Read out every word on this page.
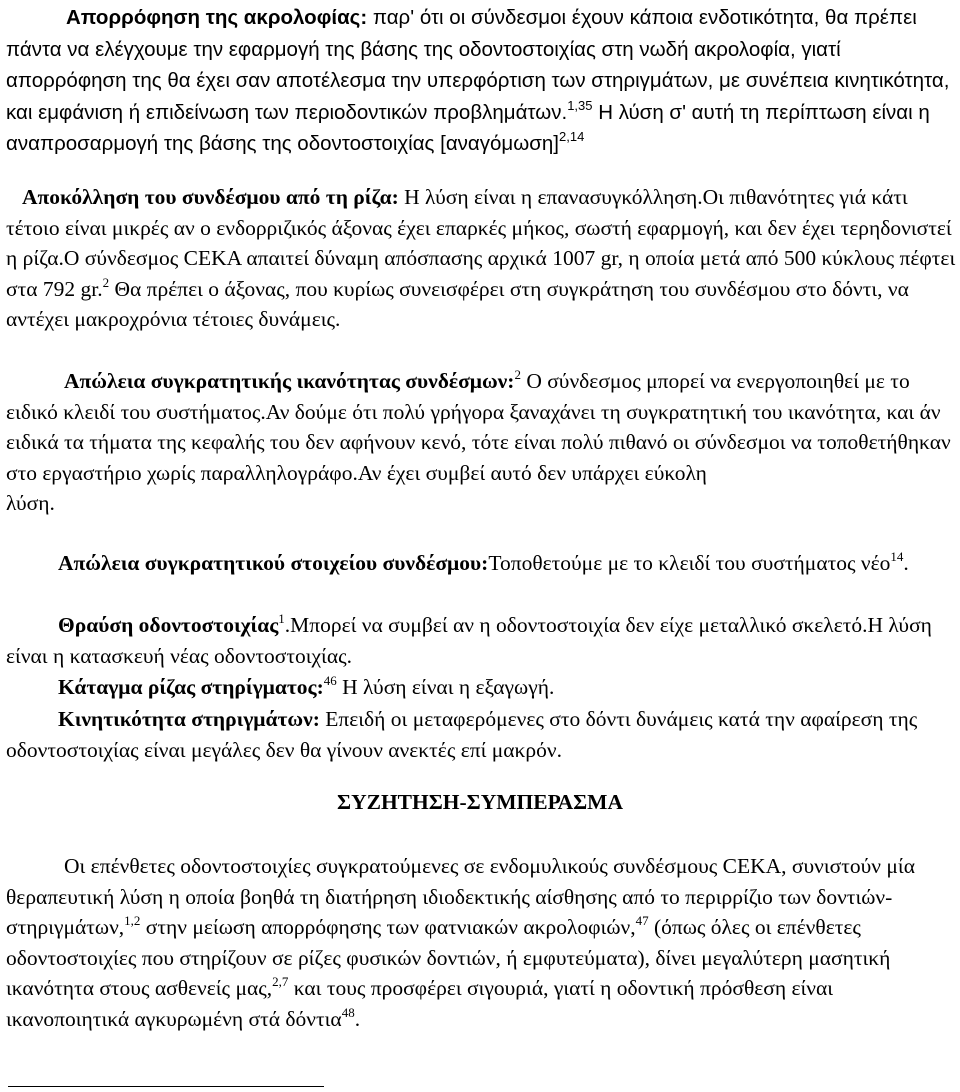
Απορρόφηση της ακρολοφίας: παρ' ότι οι σύνδεσμοι έχουν κάποια ενδοτικότητα, θα πρέπει πάντα να ελέγχουμε την εφαρμογή της βάσης της οδοντοστοιχίας στη νωδή ακρολοφία, γιατί απορρόφηση της θα έχει σαν αποτέλεσμα την υπερφόρτιση των στηριγμάτων, με συνέπεια κινητικότητα, και εμφάνιση ή επιδείνωση των περιοδοντικών προβλημάτων.$^{1,35}$ Η λύση σ' αυτή τη περίπτωση είναι η αναπροσαρμογή της βάσης της οδοντοστοιχίας $[\alpha\nu\alpha\gamma ό\mu\omega\sigma\eta]^{2,14}$

Αποκόλληση του συνδέσμου από τη ρίζα: Η λύση είναι η επανασυγκόλληση.Οι πιθανότητες γιά κάτι τέτοιο είναι μικρές αν ο ενδορριζικός άξονας έχει επαρκές μήκος, σωστή εφαρμογή, και δεν έχει τερηδονιστεί η ρίζα.Ο σύνδεσμος CEKA απαιτεί δύναμη απόσπασης αρχικά 1007 gr, η οποία μετά από 500 κύκλους πέφτει στα 792 gr.$^2$ Θα πρέπει ο άξονας, που κυρίως συνεισφέρει στη συγκράτηση του συνδέσμου στο δόντι, να αντέχει μακροχρόνια τέτοιες δυνάμεις.

Απώλεια συγκρατητικής ικανότητας συνδέσμων:$^2$ Ο σύνδεσμος μπορεί να ενεργοποιηθεί με το ειδικό κλειδί του συστήματος.Αν δούμε ότι πολύ γρήγορα ξαναχάνει τη συγκρατητική του ικανότητα, και άν ειδικά τα τήματα της κεφαλής του δεν αφήνουν κενό, τότε είναι πολύ πιθανό οι σύνδεσμοι να τοποθετήθηκαν στο εργαστήριο χωρίς παραλληλογράφο.Αν έχει συμβεί αυτό δεν υπάρχει εύκολη
λύση.

Απώλεια συγκρατητικού στοιχείου συνδέσμου:Τοποθετούμε με το κλειδί του συστήματος νέο$^{14}$.

Θραύση οδοντοστοιχίας$^1$.Μπορεί να συμβεί αν η οδοντοστοιχία δεν είχε μεταλλικό σκελετό.Η λύση είναι η κατασκευή νέας οδοντοστοιχίας.

Κάταγμα ρίζας στηρίγματος:$^{46}$ Η λύση είναι η εξαγωγή.

Κινητικότητα στηριγμάτων: Επειδή οι μεταφερόμενες στο δόντι δυνάμεις κατά την αφαίρεση της οδοντοστοιχίας είναι μεγάλες δεν θα γίνουν ανεκτές επί μακρόν.

ΣΥΖΗΤΗΣΗ-ΣΥΜΠΕΡΑΣΜΑ

Οι επένθετες οδοντοστοιχίες συγκρατούμενες σε ενδομυλικούς συνδέσμους CEKA, συνιστούν μία θεραπευτική λύση η οποία βοηθά τη διατήρηση ιδιοδεκτικής αίσθησης από το περιρρίζιο των δοντιών-στηριγμάτων,$^{1,2}$ στην μείωση απορρόφησης των φατνιακών ακρολοφιών,$^{47}$ (όπως όλες οι επένθετες οδοντοστοιχίες που στηρίζουν σε ρίζες φυσικών δοντιών, ή εμφυτεύματα), δίνει μεγαλύτερη μασητική ικανότητα στους ασθενείς μας,$^{2,7}$ και τους προσφέρει σιγουριά, γιατί η οδοντική πρόσθεση είναι ικανοποιητικά αγκυρωμένη στά δόντια$^{48}$.
